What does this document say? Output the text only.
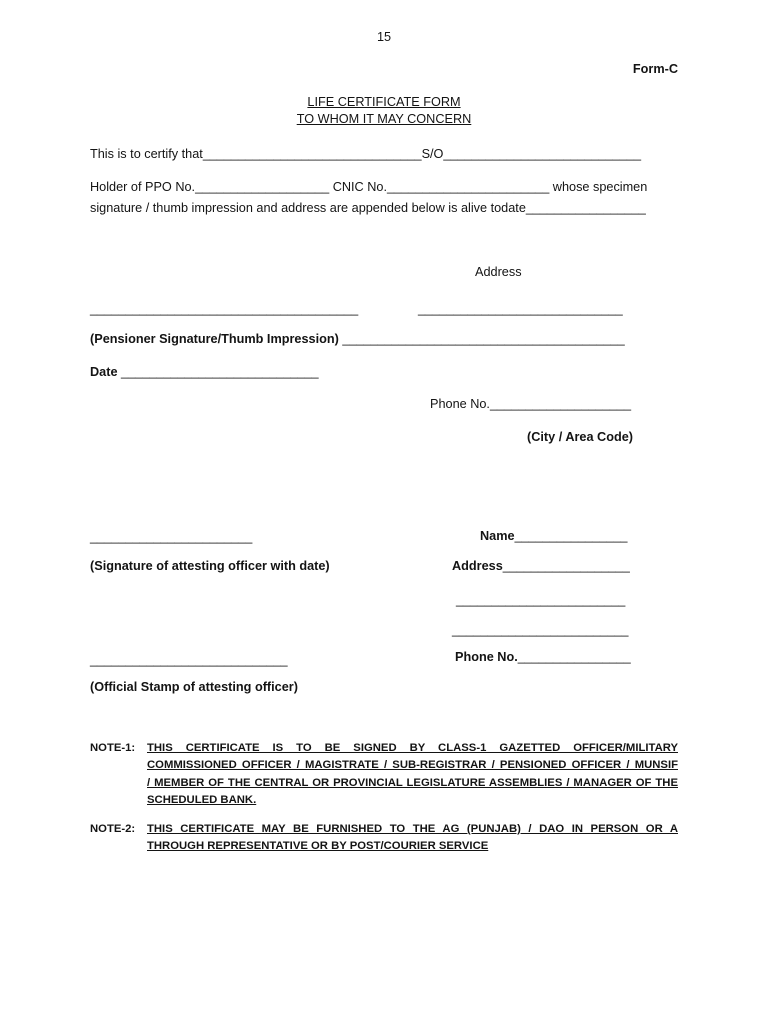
15
Form-C
LIFE CERTIFICATE FORM
TO WHOM IT MAY CONCERN
This is to certify that_______________________________S/O____________________________
Holder of PPO No.___________________ CNIC No._______________________ whose specimen
signature / thumb impression and address are appended below is alive todate_________________
Address
______________________________________	_____________________________
(Pensioner Signature/Thumb Impression) ________________________________________
Date ____________________________
Phone No.____________________
(City / Area Code)
_______________________	Name________________
(Signature of attesting officer with date)	Address__________________
________________________
_________________________
____________________________	Phone No.________________
(Official Stamp of attesting officer)
NOTE-1: THIS CERTIFICATE IS TO BE SIGNED BY CLASS-1 GAZETTED OFFICER/MILITARY
COMMISSIONED OFFICER / MAGISTRATE / SUB-REGISTRAR / PENSIONED OFFICER / MUNSIF
/ MEMBER OF THE CENTRAL OR PROVINCIAL LEGISLATURE ASSEMBLIES / MANAGER OF THE
SCHEDULED BANK.
NOTE-2: THIS CERTIFICATE MAY BE FURNISHED TO THE AG (PUNJAB) / DAO IN PERSON OR A
THROUGH REPRESENTATIVE OR BY POST/COURIER SERVICE
